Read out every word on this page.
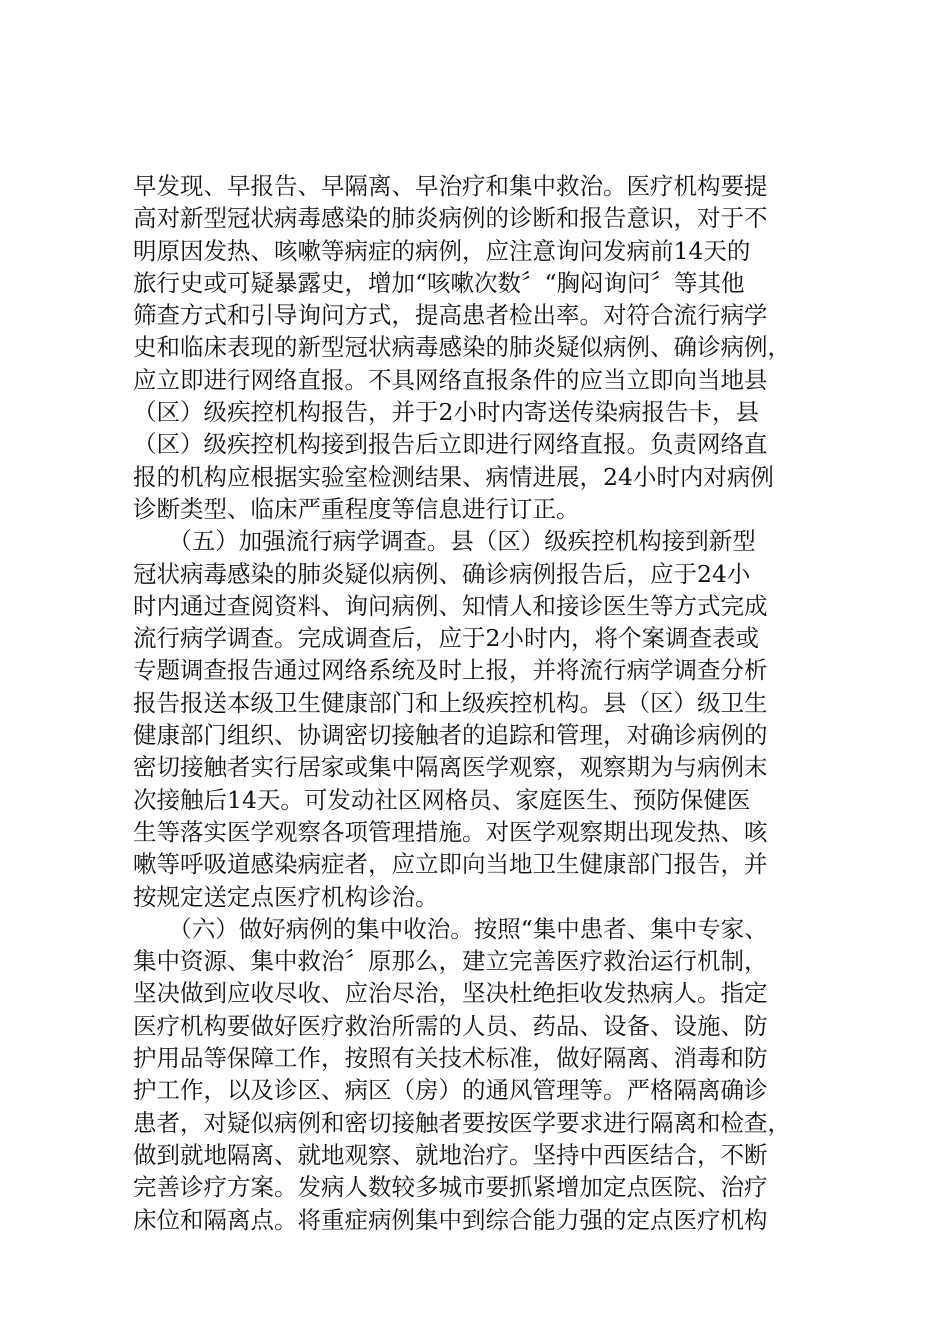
早发现、早报告、早隔离、早治疗和集中救治。医疗机构要提
高对新型冠状病毒感染的肺炎病例的诊断和报告意识，对于不
明原因发热、咳嗽等病症的病例，应注意询问发病前14天的
旅行史或可疑暴露史，增加“咳嗽次数〞“胸闷询问〞等其他
筛查方式和引导询问方式，提高患者检出率。对符合流行病学
史和临床表现的新型冠状病毒感染的肺炎疑似病例、确诊病例，
应立即进行网络直报。不具网络直报条件的应当立即向当地县
（区）级疾控机构报告，并于2小时内寄送传染病报告卡，县
（区）级疾控机构接到报告后立即进行网络直报。负责网络直
报的机构应根据实验室检测结果、病情进展，24小时内对病例
诊断类型、临床严重程度等信息进行订正。
　　（五）加强流行病学调查。县（区）级疾控机构接到新型
冠状病毒感染的肺炎疑似病例、确诊病例报告后，应于24小
时内通过查阅资料、询问病例、知情人和接诊医生等方式完成
流行病学调查。完成调查后，应于2小时内，将个案调查表或
专题调查报告通过网络系统及时上报，并将流行病学调查分析
报告报送本级卫生健康部门和上级疾控机构。县（区）级卫生
健康部门组织、协调密切接触者的追踪和管理，对确诊病例的
密切接触者实行居家或集中隔离医学观察，观察期为与病例末
次接触后14天。可发动社区网格员、家庭医生、预防保健医
生等落实医学观察各项管理措施。对医学观察期出现发热、咳
嗽等呼吸道感染病症者，应立即向当地卫生健康部门报告，并
按规定送定点医疗机构诊治。
　　（六）做好病例的集中收治。按照“集中患者、集中专家、
集中资源、集中救治〞原那么，建立完善医疗救治运行机制，
坚决做到应收尽收、应治尽治，坚决杜绝拒收发热病人。指定
医疗机构要做好医疗救治所需的人员、药品、设备、设施、防
护用品等保障工作，按照有关技术标准，做好隔离、消毒和防
护工作，以及诊区、病区（房）的通风管理等。严格隔离确诊
患者，对疑似病例和密切接触者要按医学要求进行隔离和检查，
做到就地隔离、就地观察、就地治疗。坚持中西医结合，不断
完善诊疗方案。发病人数较多城市要抓紧增加定点医院、治疗
床位和隔离点。将重症病例集中到综合能力强的定点医疗机构
